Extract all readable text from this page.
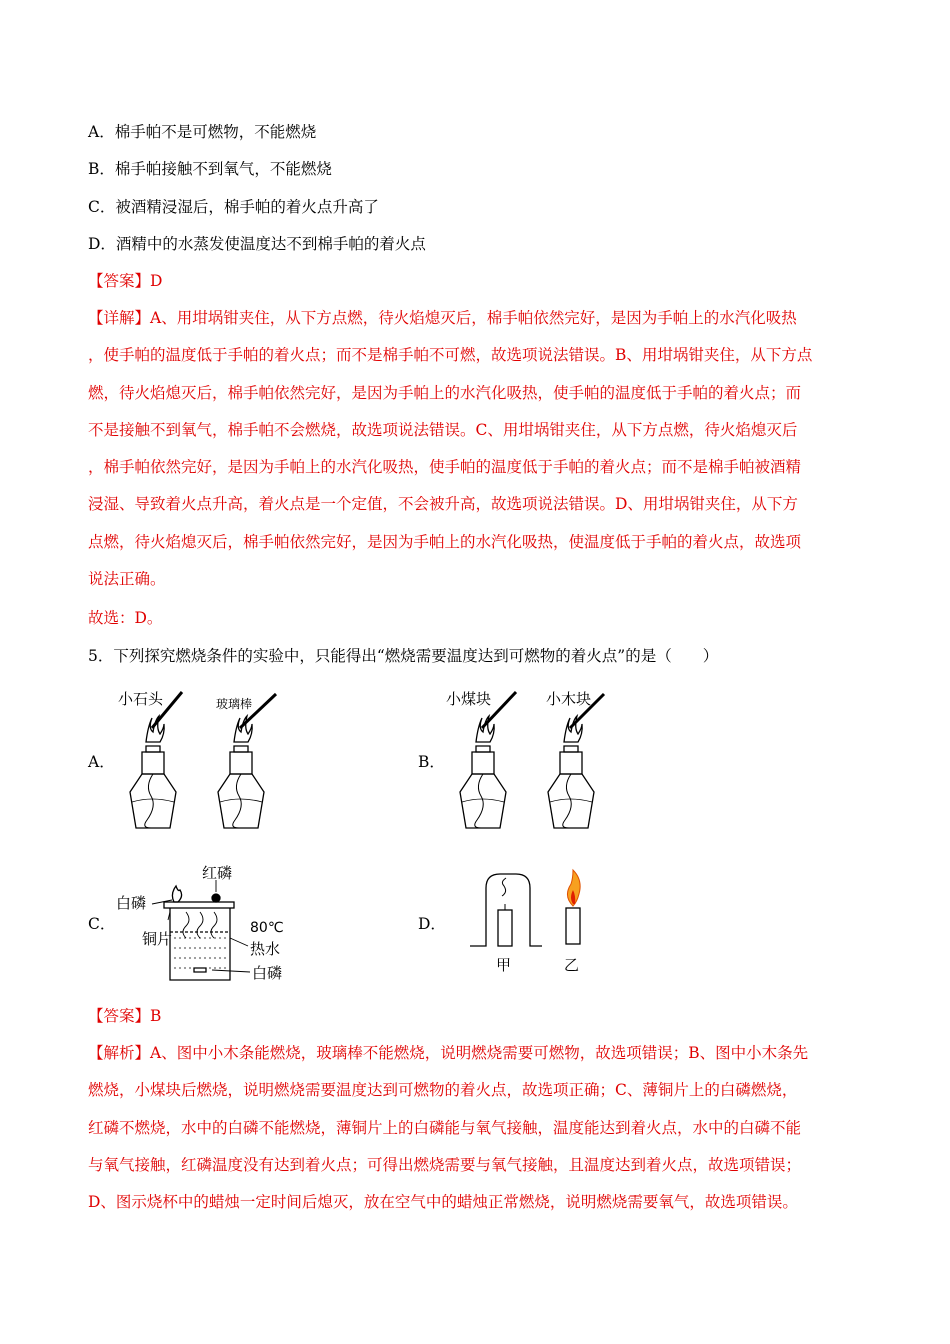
A．棉手帕不是可燃物，不能燃烧
B．棉手帕接触不到氧气，不能燃烧
C．被酒精浸湿后，棉手帕的着火点升高了
D．酒精中的水蒸发使温度达不到棉手帕的着火点
【答案】D
【详解】A、用坩埚钳夹住，从下方点燃，待火焰熄灭后，棉手帕依然完好，是因为手帕上的水汽化吸热
，使手帕的温度低于手帕的着火点；而不是棉手帕不可燃，故选项说法错误。B、用坩埚钳夹住，从下方点
燃，待火焰熄灭后，棉手帕依然完好，是因为手帕上的水汽化吸热，使手帕的温度低于手帕的着火点；而
不是接触不到氧气，棉手帕不会燃烧，故选项说法错误。C、用坩埚钳夹住，从下方点燃，待火焰熄灭后
，棉手帕依然完好，是因为手帕上的水汽化吸热，使手帕的温度低于手帕的着火点；而不是棉手帕被酒精
浸湿、导致着火点升高，着火点是一个定值，不会被升高，故选项说法错误。D、用坩埚钳夹住，从下方
点燃，待火焰熄灭后，棉手帕依然完好，是因为手帕上的水汽化吸热，使温度低于手帕的着火点，故选项
说法正确。
故选：D。
5．下列探究燃烧条件的实验中，只能得出“燃烧需要温度达到可燃物的着火点”的是（　　）
A．	B．
C．	D．
小石头	玻璃棒	小煤块	小木块
红磷
白磷
铜片
80℃
热水
白磷	甲	乙
【答案】B
【解析】A、图中小木条能燃烧，玻璃棒不能燃烧，说明燃烧需要可燃物，故选项错误；B、图中小木条先
燃烧，小煤块后燃烧，说明燃烧需要温度达到可燃物的着火点，故选项正确；C、薄铜片上的白磷燃烧，
红磷不燃烧，水中的白磷不能燃烧，薄铜片上的白磷能与氧气接触，温度能达到着火点，水中的白磷不能
与氧气接触，红磷温度没有达到着火点；可得出燃烧需要与氧气接触，且温度达到着火点，故选项错误；
D、图示烧杯中的蜡烛一定时间后熄灭，放在空气中的蜡烛正常燃烧，说明燃烧需要氧气，故选项错误。
